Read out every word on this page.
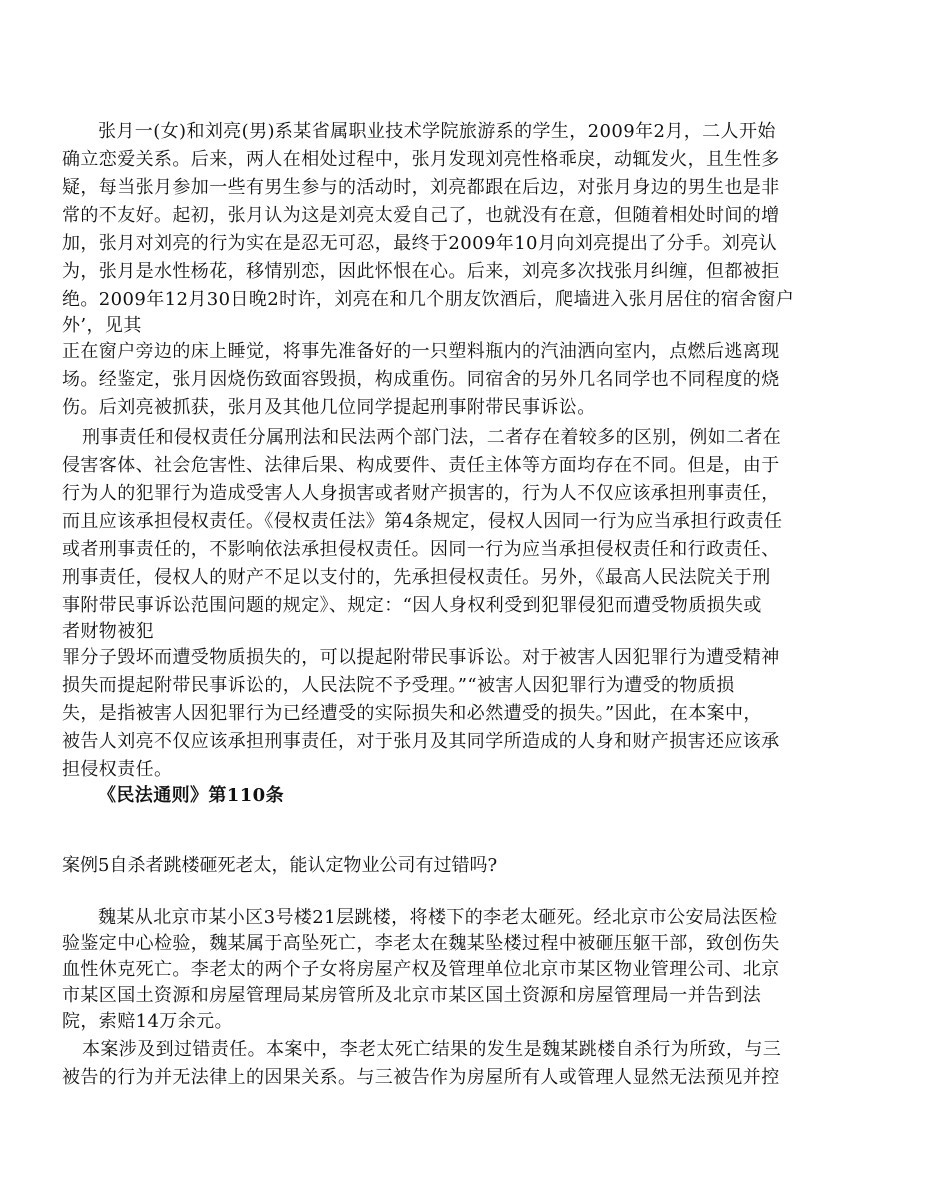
张月一(女)和刘亮(男)系某省属职业技术学院旅游系的学生，2009年2月，二人开始
确立恋爱关系。后来，两人在相处过程中，张月发现刘亮性格乖戾，动辄发火，且生性多
疑，每当张月参加一些有男生参与的活动时，刘亮都跟在后边，对张月身边的男生也是非
常的不友好。起初，张月认为这是刘亮太爱自己了，也就没有在意，但随着相处时间的增
加，张月对刘亮的行为实在是忍无可忍，最终于2009年10月向刘亮提出了分手。刘亮认
为，张月是水性杨花，移情别恋，因此怀恨在心。后来，刘亮多次找张月纠缠，但都被拒
绝。2009年12月30日晚2时许，刘亮在和几个朋友饮酒后，爬墙进入张月居住的宿舍窗户
外’，见其
正在窗户旁边的床上睡觉，将事先准备好的一只塑料瓶内的汽油洒向室内，点燃后逃离现
场。经鉴定，张月因烧伤致面容毁损，构成重伤。同宿舍的另外几名同学也不同程度的烧
伤。后刘亮被抓获，张月及其他几位同学提起刑事附带民事诉讼。
刑事责任和侵权责任分属刑法和民法两个部门法，二者存在着较多的区别，例如二者在
侵害客体、社会危害性、法律后果、构成要件、责任主体等方面均存在不同。但是，由于
行为人的犯罪行为造成受害人人身损害或者财产损害的，行为人不仅应该承担刑事责任，
而且应该承担侵权责任。《侵权责任法》第4条规定，侵权人因同一行为应当承担行政责任
或者刑事责任的，不影响依法承担侵权责任。因同一行为应当承担侵权责任和行政责任、
刑事责任，侵权人的财产不足以支付的，先承担侵权责任。另外，《最高人民法院关于刑
事附带民事诉讼范围问题的规定》、规定：“因人身权利受到犯罪侵犯而遭受物质损失或
者财物被犯
罪分子毁坏而遭受物质损失的，可以提起附带民事诉讼。对于被害人因犯罪行为遭受精神
损失而提起附带民事诉讼的，人民法院不予受理。”“被害人因犯罪行为遭受的物质损
失，是指被害人因犯罪行为已经遭受的实际损失和必然遭受的损失。”因此，在本案中，
被告人刘亮不仅应该承担刑事责任，对于张月及其同学所造成的人身和财产损害还应该承
担侵权责任。
《民法通则》第110条
案例5自杀者跳楼砸死老太，能认定物业公司有过错吗?
魏某从北京市某小区3号楼21层跳楼，将楼下的李老太砸死。经北京市公安局法医检
验鉴定中心检验，魏某属于高坠死亡，李老太在魏某坠楼过程中被砸压躯干部，致创伤失
血性休克死亡。李老太的两个子女将房屋产权及管理单位北京市某区物业管理公司、北京
市某区国土资源和房屋管理局某房管所及北京市某区国土资源和房屋管理局一并告到法
院，索赔14万余元。
本案涉及到过错责任。本案中，李老太死亡结果的发生是魏某跳楼自杀行为所致，与三
被告的行为并无法律上的因果关系。与三被告作为房屋所有人或管理人显然无法预见并控
